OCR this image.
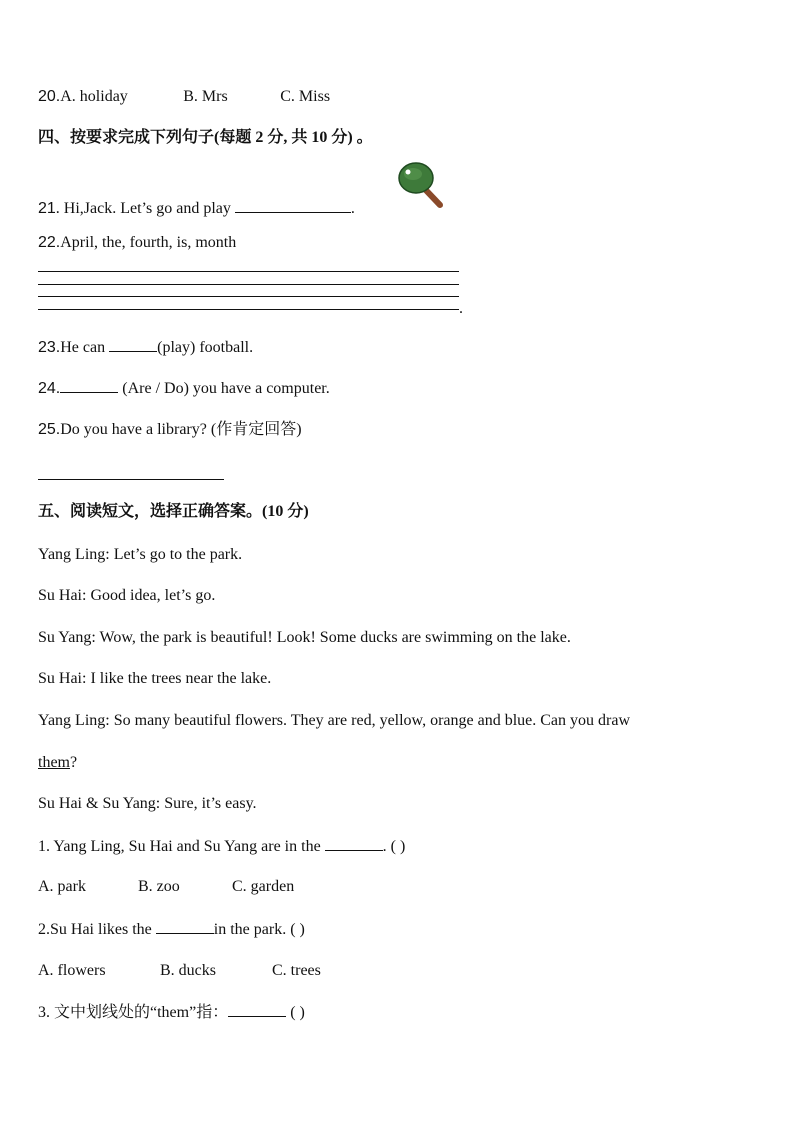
20.A. holiday	B. Mrs	C. Miss
四、按要求完成下列句子(每题 2 分, 共 10 分) 。
21. Hi,Jack. Let’s go and play	.
22.April, the, fourth, is, month
.
23.He can	(play) football.
24.	(Are / Do) you have a computer.
25.Do you have a library? (作肯定回答)
五、阅读短文，选择正确答案。(10 分)
Yang Ling: Let’s go to the park.
Su Hai: Good idea, let’s go.
Su Yang: Wow, the park is beautiful! Look! Some ducks are swimming on the lake.
Su Hai: I like the trees near the lake.
Yang Ling: So many beautiful flowers. They are red, yellow, orange and blue. Can you draw
them?
Su Hai & Su Yang: Sure, it’s easy.
1. Yang Ling, Su Hai and Su Yang are in the	. ( )
A. park	B. zoo	C. garden
2.Su Hai likes the	in the park. ( )
A. flowers	B. ducks	C. trees
3. 文中划线处的“them”指：	( )
